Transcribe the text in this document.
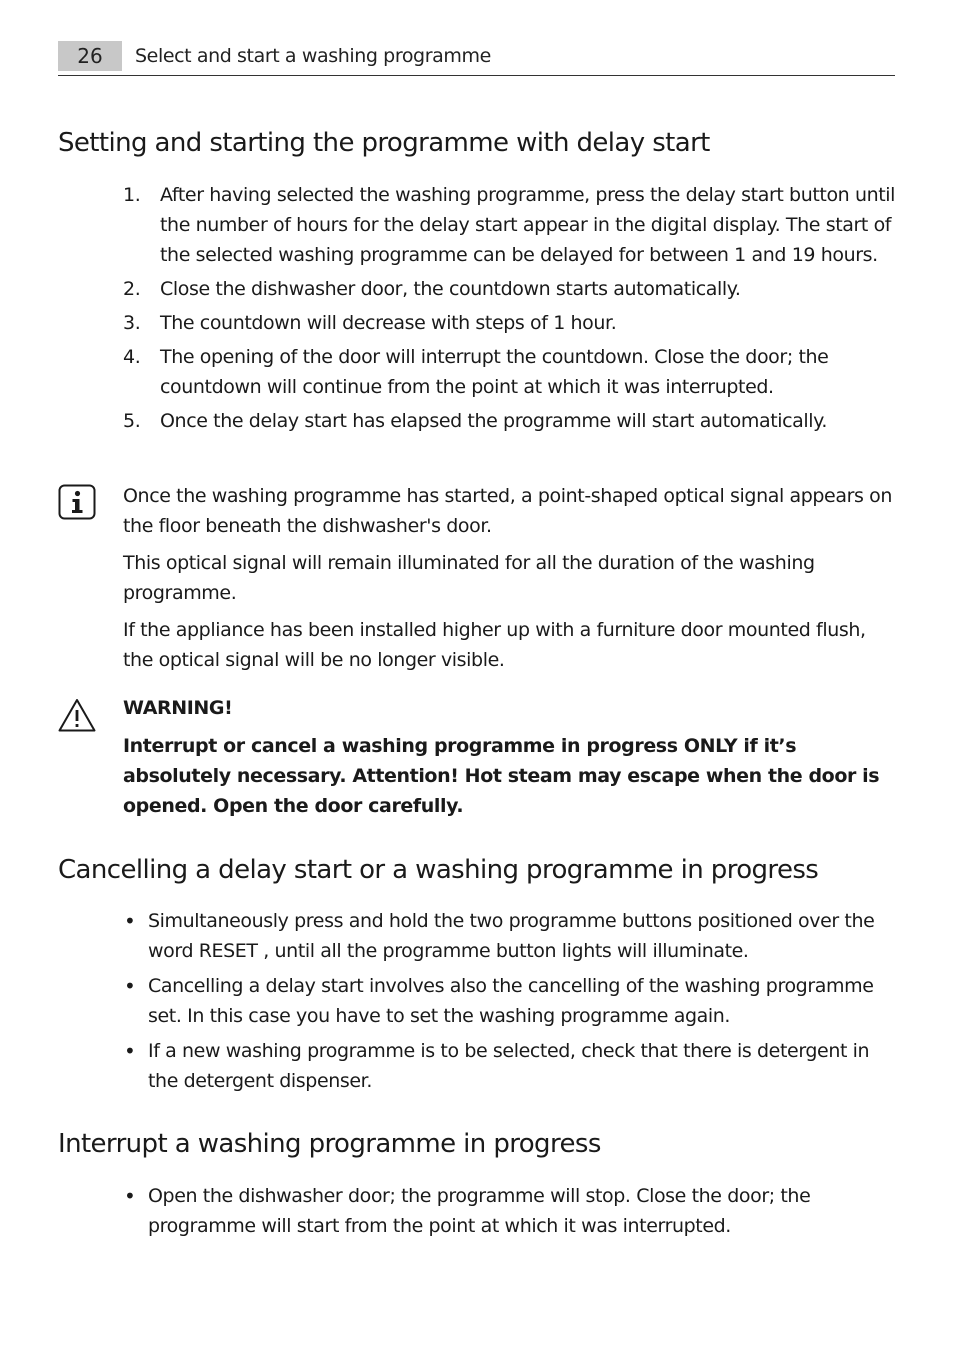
26	Select and start a washing programme
Setting and starting the programme with delay start
1. After having selected the washing programme, press the delay start button until the number of hours for the delay start appear in the digital display. The start of the selected washing programme can be delayed for between 1 and 19 hours.
2. Close the dishwasher door, the countdown starts automatically.
3. The countdown will decrease with steps of 1 hour.
4. The opening of the door will interrupt the countdown. Close the door; the countdown will continue from the point at which it was interrupted.
5. Once the delay start has elapsed the programme will start automatically.

Once the washing programme has started, a point-shaped optical signal appears on the floor beneath the dishwasher's door.

This optical signal will remain illuminated for all the duration of the washing programme.

If the appliance has been installed higher up with a furniture door mounted flush, the optical signal will be no longer visible.

WARNING!

Interrupt or cancel a washing programme in progress ONLY if it’s absolutely necessary. Attention! Hot steam may escape when the door is opened. Open the door carefully.

Cancelling a delay start or a washing programme in progress
• Simultaneously press and hold the two programme buttons positioned over the word RESET , until all the programme button lights will illuminate.
• Cancelling a delay start involves also the cancelling of the washing programme set. In this case you have to set the washing programme again.
• If a new washing programme is to be selected, check that there is detergent in the detergent dispenser.
Interrupt a washing programme in progress
• Open the dishwasher door; the programme will stop. Close the door; the programme will start from the point at which it was interrupted.
